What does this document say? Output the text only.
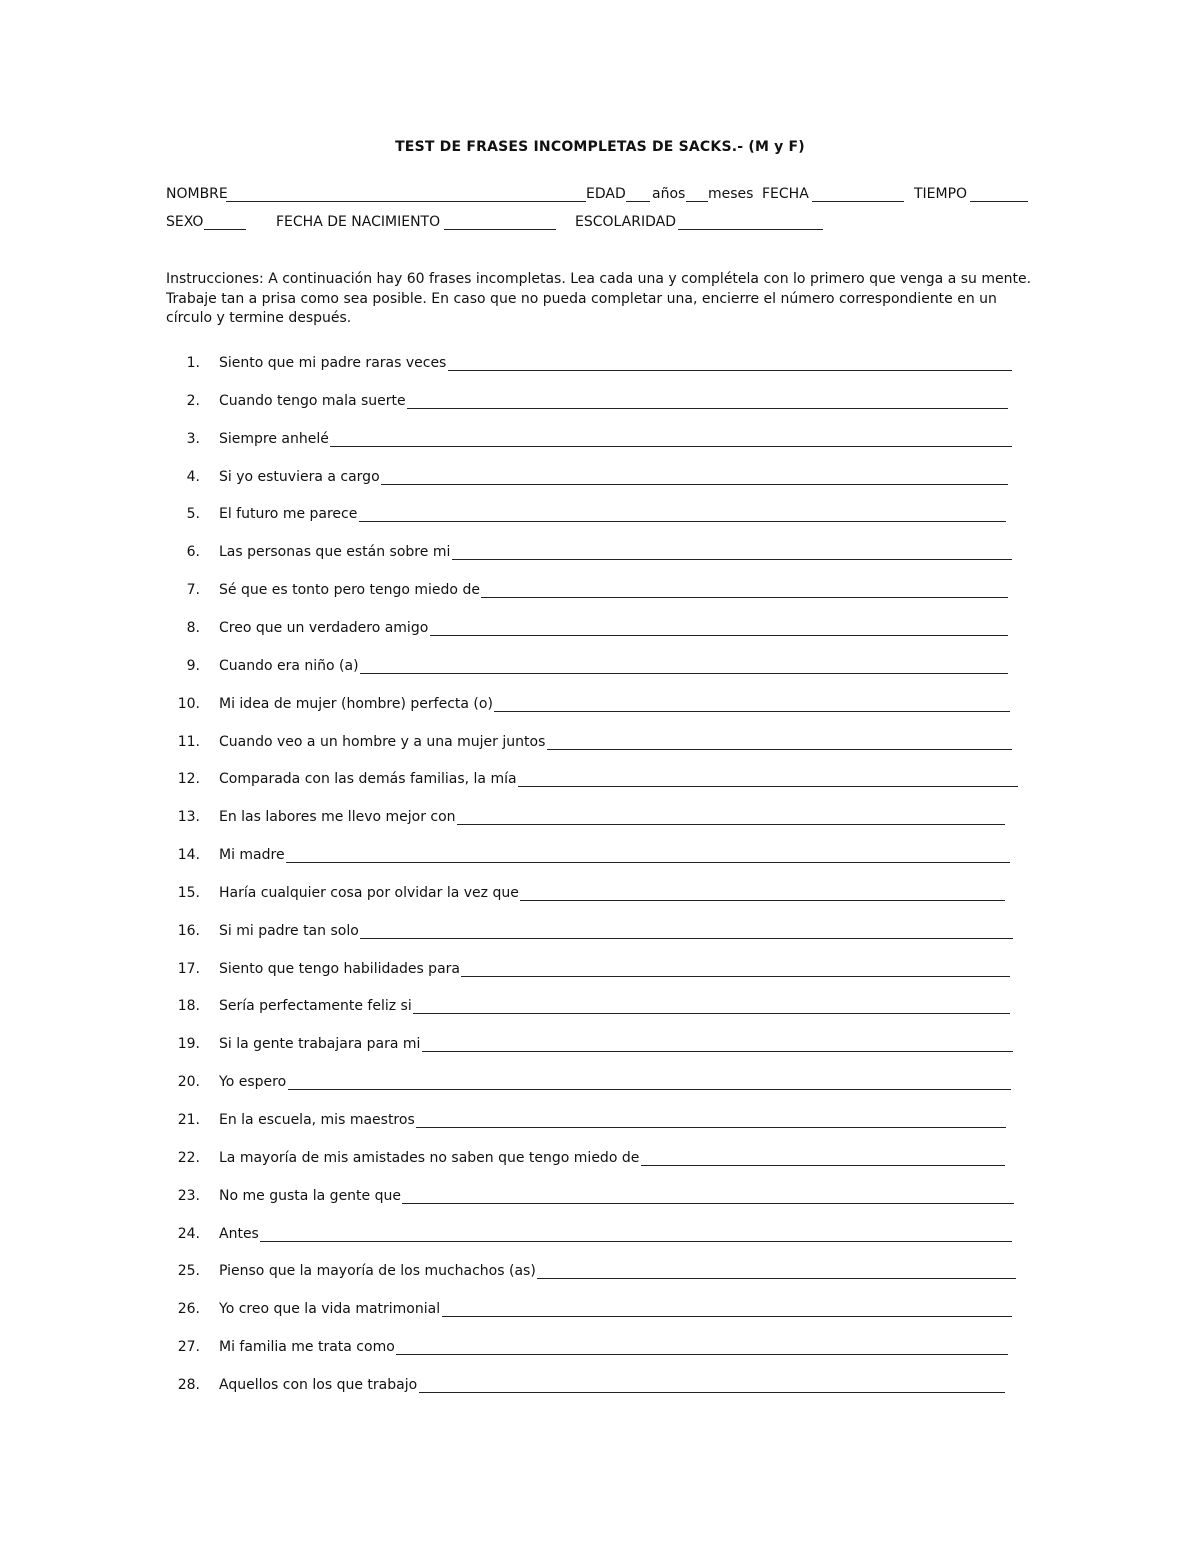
TEST DE FRASES INCOMPLETAS DE SACKS.- (M y F)
NOMBRE	EDAD años meses FECHA	TIEMPO
SEXO	FECHA DE NACIMIENTO	ESCOLARIDAD
Instrucciones: A continuación hay 60 frases incompletas. Lea cada una y complétela con lo primero que venga a su mente.
Trabaje tan a prisa como sea posible. En caso que no pueda completar una, encierre el número correspondiente en un
círculo y termine después.
1. Siento que mi padre raras veces
2. Cuando tengo mala suerte
3. Siempre anhelé
4. Si yo estuviera a cargo
5. El futuro me parece
6. Las personas que están sobre mi
7. Sé que es tonto pero tengo miedo de
8. Creo que un verdadero amigo
9. Cuando era niño (a)
10. Mi idea de mujer (hombre) perfecta (o)
11. Cuando veo a un hombre y a una mujer juntos
12. Comparada con las demás familias, la mía
13. En las labores me llevo mejor con
14. Mi madre
15. Haría cualquier cosa por olvidar la vez que
16. Si mi padre tan solo
17. Siento que tengo habilidades para
18. Sería perfectamente feliz si
19. Si la gente trabajara para mi
20. Yo espero
21. En la escuela, mis maestros
22. La mayoría de mis amistades no saben que tengo miedo de
23. No me gusta la gente que
24. Antes
25. Pienso que la mayoría de los muchachos (as)
26. Yo creo que la vida matrimonial
27. Mi familia me trata como
28. Aquellos con los que trabajo
